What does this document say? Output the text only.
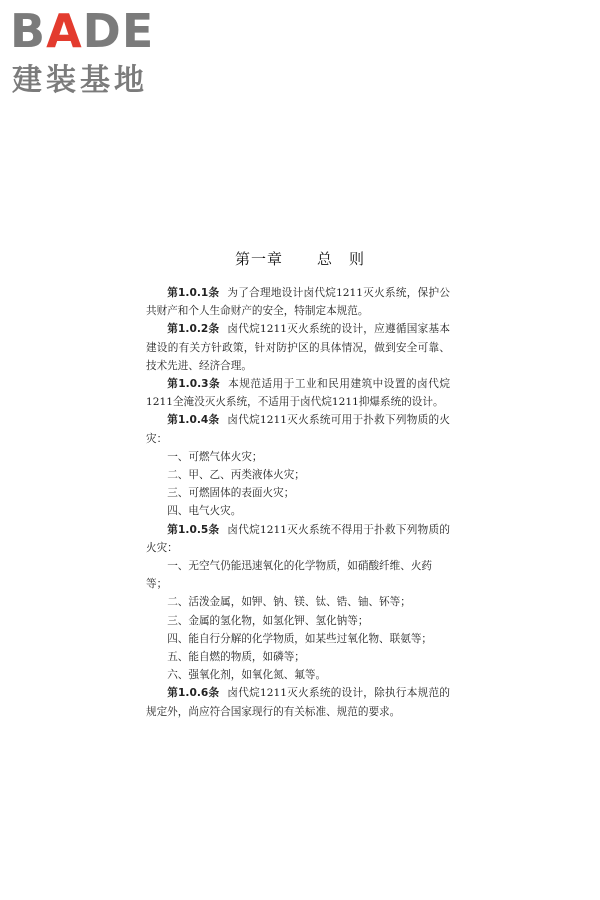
BADE
建装基地
第一章 总　则

第1.0.1条 为了合理地设计卤代烷1211灭火系统，保护公共财产和个人生命财产的安全，特制定本规范。

第1.0.2条 卤代烷1211灭火系统的设计，应遵循国家基本建设的有关方针政策，针对防护区的具体情况，做到安全可靠、技术先进、经济合理。

第1.0.3条 本规范适用于工业和民用建筑中设置的卤代烷1211全淹没灭火系统，不适用于卤代烷1211抑爆系统的设计。

第1.0.4条 卤代烷1211灭火系统可用于扑救下列物质的火灾：

一、可燃气体火灾；

二、甲、乙、丙类液体火灾；

三、可燃固体的表面火灾；

四、电气火灾。

第1.0.5条 卤代烷1211灭火系统不得用于扑救下列物质的火灾：

一、无空气仍能迅速氧化的化学物质，如硝酸纤维、火药等；

二、活泼金属，如钾、钠、镁、钛、锆、铀、钚等；

三、金属的氢化物，如氢化钾、氢化钠等；

四、能自行分解的化学物质，如某些过氧化物、联氨等；

五、能自燃的物质，如磷等；

六、强氧化剂，如氧化氮、氟等。

第1.0.6条 卤代烷1211灭火系统的设计，除执行本规范的规定外，尚应符合国家现行的有关标准、规范的要求。
